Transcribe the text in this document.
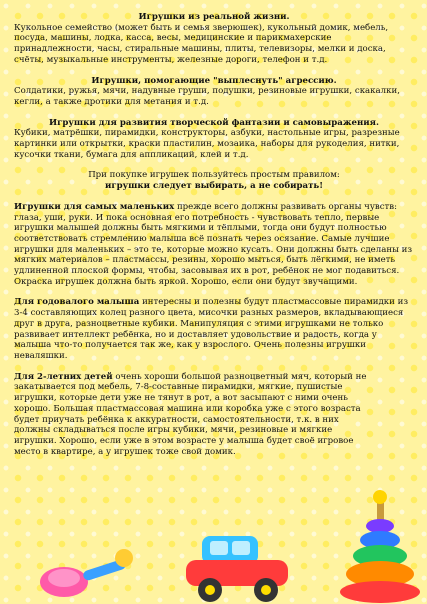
Игрушки из реальной жизни.

Кукольное семейство (может быть и семья зверюшек), кукольный домик, мебель, посуда, машины, лодка, касса, весы, медицинские и парикмахерские принадлежности, часы, стиральные машины, плиты, телевизоры, мелки и доска, счёты, музыкальные инструменты, железные дороги, телефон и т.д.

Игрушки, помогающие "выплеснуть" агрессию.

Солдатики, ружья, мячи, надувные груши, подушки, резиновые игрушки, скакалки, кегли, а также дротики для метания и т.д.

Игрушки для развития творческой фантазии и самовыражения.

Кубики, матрёшки, пирамидки, конструкторы, азбуки, настольные игры, разрезные картинки или открытки, краски пластилин, мозаика, наборы для рукоделия, нитки, кусочки ткани, бумага для аппликаций, клей и т.д.

При покупке игрушек пользуйтесь простым правилом:

игрушки следует выбирать, а не собирать!

Игрушки для самых маленьких прежде всего должны развивать органы чувств: глаза, уши, руки. И пока основная его потребность - чувствовать тепло, первые игрушки малышей должны быть мягкими и тёплыми, тогда они будут полностью соответствовать стремлению малыша всё познать через осязание. Самые лучшие игрушки для маленьких – это те, которые можно кусать. Они должны быть сделаны из мягких материалов – пластмассы, резины, хорошо мыться, быть лёгкими, не иметь удлиненной плоской формы, чтобы, засовывая их в рот, ребёнок не мог подавиться. Окраска игрушек должна быть яркой. Хорошо, если они будут звучащими.

Для годовалого малыша интересны и полезны будут пластмассовые пирамидки из 3-4 составляющих колец разного цвета, мисочки разных размеров, вкладывающиеся друг в друга, разноцветные кубики. Манипуляция с этими игрушками не только развивает интеллект ребёнка, но и доставляет удовольствие и радость, когда у малыша что-то получается так же, как у взрослого. Очень полезны игрушки неваляшки.

Для 2-летних детей очень хороши большой разноцветный мяч, который не закатывается под мебель, 7-8-составные пирамидки, мягкие, пушистые игрушки, которые дети уже не тянут в рот, а вот засыпают с ними очень хорошо. Большая пластмассовая машина или коробка уже с этого возраста будет приучать ребёнка к аккуратности, самостоятельности, т.к. в них должны складываться после игры кубики, мячи, резиновые и мягкие игрушки. Хорошо, если уже в этом возрасте у малыша будет своё игровое место в квартире, а у игрушек тоже свой домик.
